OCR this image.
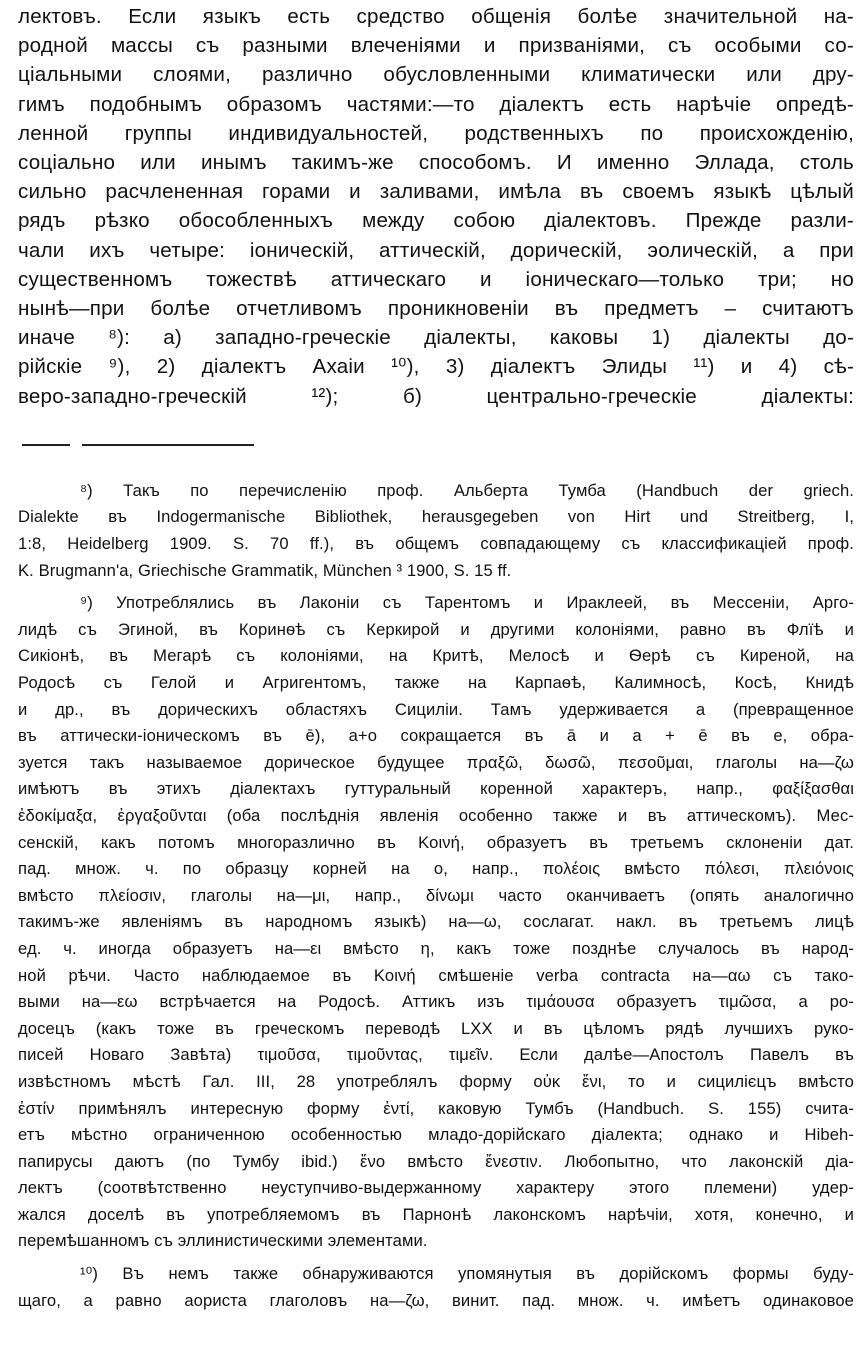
лектовъ. Если языкъ есть средство общенія болѣе значительной на-
родной массы съ разными влеченіями и призваніями, съ особыми со-
ціальными слоями, различно обусловленными климатически или дру-
гимъ подобнымъ образомъ частями:—то діалектъ есть нарѣчіе опредѣ-
ленной группы индивидуальностей, родственныхъ по происхожденію,
соціально или инымъ такимъ-же способомъ. И именно Эллада, столь
сильно расчлененная горами и заливами, имѣла въ своемъ языкѣ цѣлый
рядъ рѣзко обособленныхъ между собою діалектовъ. Прежде разли-
чали ихъ четыре: іоническій, аттическій, дорическій, эолическій, а при
существенномъ тожествѣ аттическаго и іоническаго—только три; но
нынѣ—при болѣе отчетливомъ проникновеніи въ предметъ – считаютъ
иначе ⁸): а) западно-греческіе діалекты, каковы 1) діалекты до-
рійскіе ⁹), 2) діалектъ Ахаіи ¹⁰), 3) діалектъ Элиды ¹¹) и 4) сѣ-
веро-западно-греческій ¹²); б) центрально-греческіе діалекты:
⁸) Такъ по перечисленію проф. Альберта Тумба (Handbuch der griech.
Dialekte въ Indogermanische Bibliothek, herausgegeben von Hirt und Streitberg, I,
1:8, Heidelberg 1909. S. 70 ff.), въ общемъ совпадающему съ классификаціей проф.
K. Brugmann'a, Griechische Grammatik, München ³ 1900, S. 15 ff.
⁹) Употреблялись въ Лаконіи съ Тарентомъ и Ираклеей, въ Мессеніи, Арго-
лидѣ съ Эгиной, въ Коринѳѣ съ Керкирой и другими колоніями, равно въ Флїѣ и
Сикіонѣ, въ Мегарѣ съ колоніями, на Критѣ, Мелосѣ и Ѳерѣ съ Киреной, на
Родосѣ съ Гелой и Агригентомъ, также на Карпаѳѣ, Калимносѣ, Косѣ, Книдѣ
и др., въ дорическихъ областяхъ Сициліи. Тамъ удерживается а (превращенное
въ аттически-іоническомъ въ ē), а+о сокращается въ ā и а + ē въ е, обра-
зуется такъ называемое дорическое будущее πραξῶ, δωσῶ, πεσοῦμαι, глаголы на—ζω
имѣютъ въ этихъ діалектахъ гуттуральный коренной характеръ, напр., φαξίξασθαι
ἐδοκίμαξα, ἐργαξοῦνται (оба послѣднія явленія особенно также и въ аттическомъ). Мес-
сенскій, какъ потомъ многоразлично въ Κοινή, образуетъ въ третьемъ склоненіи дат.
пад. множ. ч. по образцу корней на ο, напр., πολέοις вмѣсто πόλεσι, πλειόνοις
вмѣсто πλείοσιν, глаголы на—μι, напр., δίνωμι часто оканчиваетъ (опять аналогично
такимъ-же явленіямъ въ народномъ языкѣ) на—ω, сослагат. накл. въ третьемъ лицѣ
ед. ч. иногда образуетъ на—ει вмѣсто η, какъ тоже позднѣе случалось въ народ-
ной рѣчи. Часто наблюдаемое въ Κοινή смѣшеніе verba contracta на—αω съ тако-
выми на—εω встрѣчается на Родосѣ. Аттикъ изъ τιμάουσα образуетъ τιμῶσα, а ро-
досецъ (какъ тоже въ греческомъ переводѣ LXX и въ цѣломъ рядѣ лучшихъ руко-
писей Новаго Завѣта) τιμοῦσα, τιμοῦντας, τιμεῖν. Если далѣе—Апостолъ Павелъ въ
извѣстномъ мѣстѣ Гал. III, 28 употреблялъ форму οὐκ ἔνι, то и сицилієцъ вмѣсто
ἐστίν примѣнялъ интересную форму ἐντί, каковую Тумбъ (Handbuch. S. 155) счита-
етъ мѣстно ограниченною особенностью младо-дорійскаго діалекта; однако и Hibeh-
папирусы даютъ (по Тумбу ibid.) ἔνο вмѣсто ἔνεστιν. Любопытно, что лаконскій діа-
лектъ (соотвѣтственно неуступчиво-выдержанному характеру этого племени) удер-
жался доселѣ въ употребляемомъ въ Парнонѣ лаконскомъ нарѣчіи, хотя, конечно, и
перемѣшанномъ съ эллинистическими элементами.
¹⁰) Въ немъ также обнаруживаются упомянутыя въ дорійскомъ формы буду-
щаго, а равно аориста глаголовъ на—ζω, винит. пад. множ. ч. имѣетъ одинаковое
